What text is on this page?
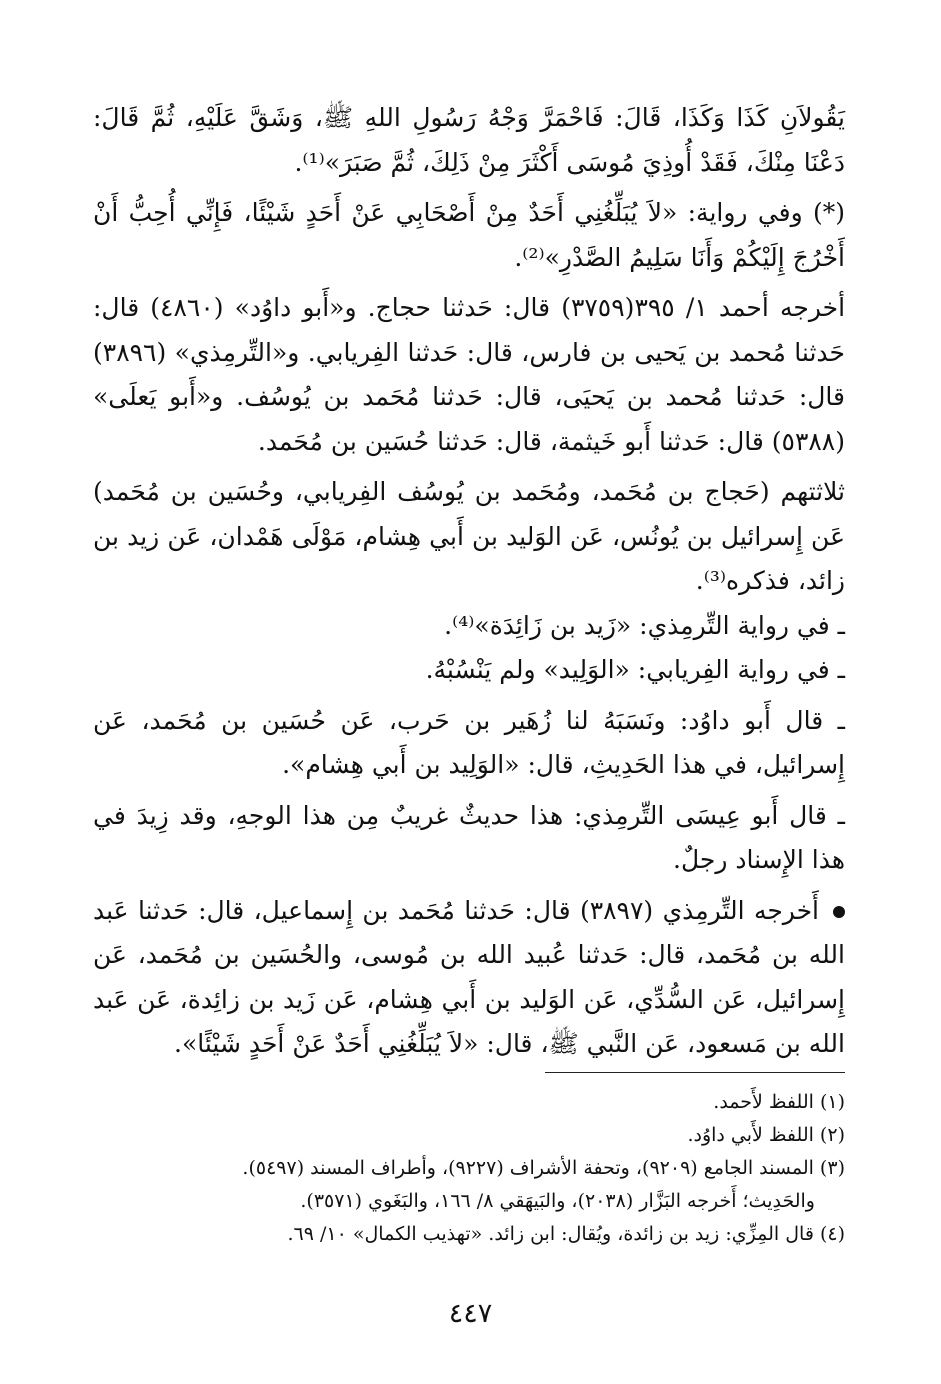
يَقُولاَنِ كَذَا وَكَذَا، قَالَ: فَاحْمَرَّ وَجْهُ رَسُولِ اللهِ ﷺ، وَشَقَّ عَلَيْهِ، ثُمَّ قَالَ: دَعْنَا مِنْكَ، فَقَدْ أُوذِيَ مُوسَى أَكْثَرَ مِنْ ذَلِكَ، ثُمَّ صَبَرَ»⁽¹⁾.

(*) وفي رواية: «لاَ يُبَلِّغُنِي أَحَدٌ مِنْ أَصْحَابِي عَنْ أَحَدٍ شَيْئًا، فَإِنِّي أُحِبُّ أَنْ أَخْرُجَ إِلَيْكُمْ وَأَنَا سَلِيمُ الصَّدْرِ»⁽²⁾.

أخرجه أحمد ١/ ٣٩٥(٣٧٥٩) قال: حَدثنا حجاج. و«أَبو داوُد» (٤٨٦٠) قال: حَدثنا مُحمد بن يَحيى بن فارس، قال: حَدثنا الفِريابي. و«التِّرمِذي» (٣٨٩٦) قال: حَدثنا مُحمد بن يَحيَى، قال: حَدثنا مُحَمد بن يُوسُف. و«أَبو يَعلَى» (٥٣٨٨) قال: حَدثنا أَبو خَيثمة، قال: حَدثنا حُسَين بن مُحَمد.

ثلاثتهم (حَجاج بن مُحَمد، ومُحَمد بن يُوسُف الفِريابي، وحُسَين بن مُحَمد) عَن إِسرائيل بن يُونُس، عَن الوَليد بن أَبي هِشام، مَوْلَى هَمْدان، عَن زيد بن زائد، فذكره⁽³⁾.

ـ في رواية التِّرمِذي: «زَيد بن زَائِدَة»⁽⁴⁾.

ـ في رواية الفِريابي: «الوَلِيد» ولم يَنْسُبْهُ.

ـ قال أَبو داوُد: ونَسَبَهُ لنا زُهَير بن حَرب، عَن حُسَين بن مُحَمد، عَن إِسرائيل، في هذا الحَدِيثِ، قال: «الوَلِيد بن أَبي هِشام».

ـ قال أَبو عِيسَى التِّرمِذي: هذا حديثٌ غريبٌ مِن هذا الوجهِ، وقد زِيدَ في هذا الإِسناد رجلٌ.

أَخرجه التِّرمِذي (٣٨٩٧) قال: حَدثنا مُحَمد بن إِسماعيل، قال: حَدثنا عَبد الله بن مُحَمد، قال: حَدثنا عُبيد الله بن مُوسى، والحُسَين بن مُحَمد، عَن إِسرائيل، عَن السُّدِّي، عَن الوَليد بن أَبي هِشام، عَن زَيد بن زائِدة، عَن عَبد الله بن مَسعود، عَن النَّبي ﷺ، قال: «لاَ يُبَلِّغُنِي أَحَدٌ عَنْ أَحَدٍ شَيْئًا».

(١) اللفظ لأَحمد.

(٢) اللفظ لأَبي داوُد.

(٣) المسند الجامع (٩٢٠٩)، وتحفة الأشراف (٩٢٢٧)، وأطراف المسند (٥٤٩٧).

والحَدِيث؛ أَخرجه البَزَّار (٢٠٣٨)، والبَيهَقي ٨/ ١٦٦، والبَغَوي (٣٥٧١).

(٤) قال المِزِّي: زيد بن زائدة، ويُقال: ابن زائد. «تهذيب الكمال» ١٠/ ٦٩.

٤٤٧
